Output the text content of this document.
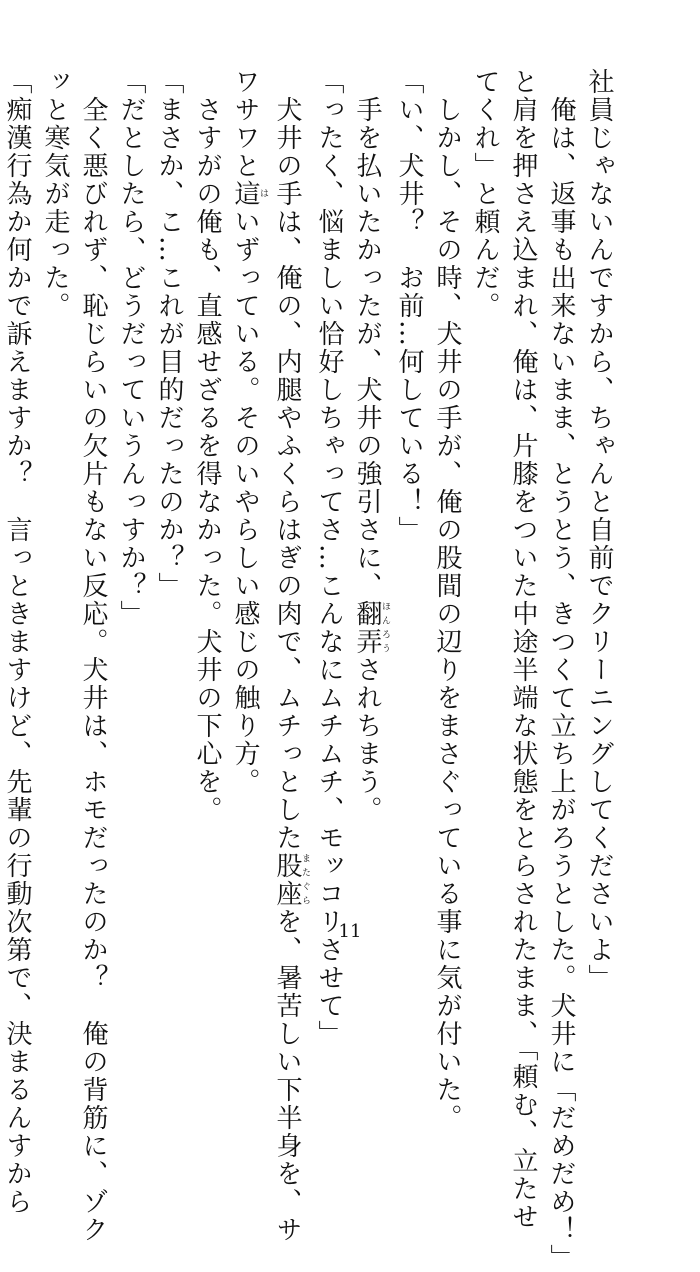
社員じゃないんですから、ちゃんと自前でクリーニングしてくださいよ」

　俺は、返事も出来ないまま、とうとう、きつくて立ち上がろうとした。犬井に「だめだめ！」

と肩を押さえ込まれ、俺は、片膝をついた中途半端な状態をとらされたまま、「頼む、立たせ

てくれ」と頼んだ。

　しかし、その時、犬井の手が、俺の股間の辺りをまさぐっている事に気が付いた。

「い、犬井？　お前…何している！」

　手を払いたかったが、犬井の強引さに、翻弄ほんろうされちまう。

「ったく、悩ましい恰好しちゃってさ…こんなにムチムチ、モッコリさせて」

　犬井の手は、俺の、内腿やふくらはぎの肉で、ムチっとした股座またぐらを、暑苦しい下半身を、サ

ワサワと這はいずっている。そのいやらしい感じの触り方。

　さすがの俺も、直感せざるを得なかった。犬井の下心を。

「まさか、こ…これが目的だったのか？」

「だとしたら、どうだっていうんっすか？」

　全く悪びれず、恥じらいの欠片もない反応。犬井は、ホモだったのか？　俺の背筋に、ゾク

ッと寒気が走った。

「痴漢行為か何かで訴えますか？　言っときますけど、先輩の行動次第で、決まるんすから	11
